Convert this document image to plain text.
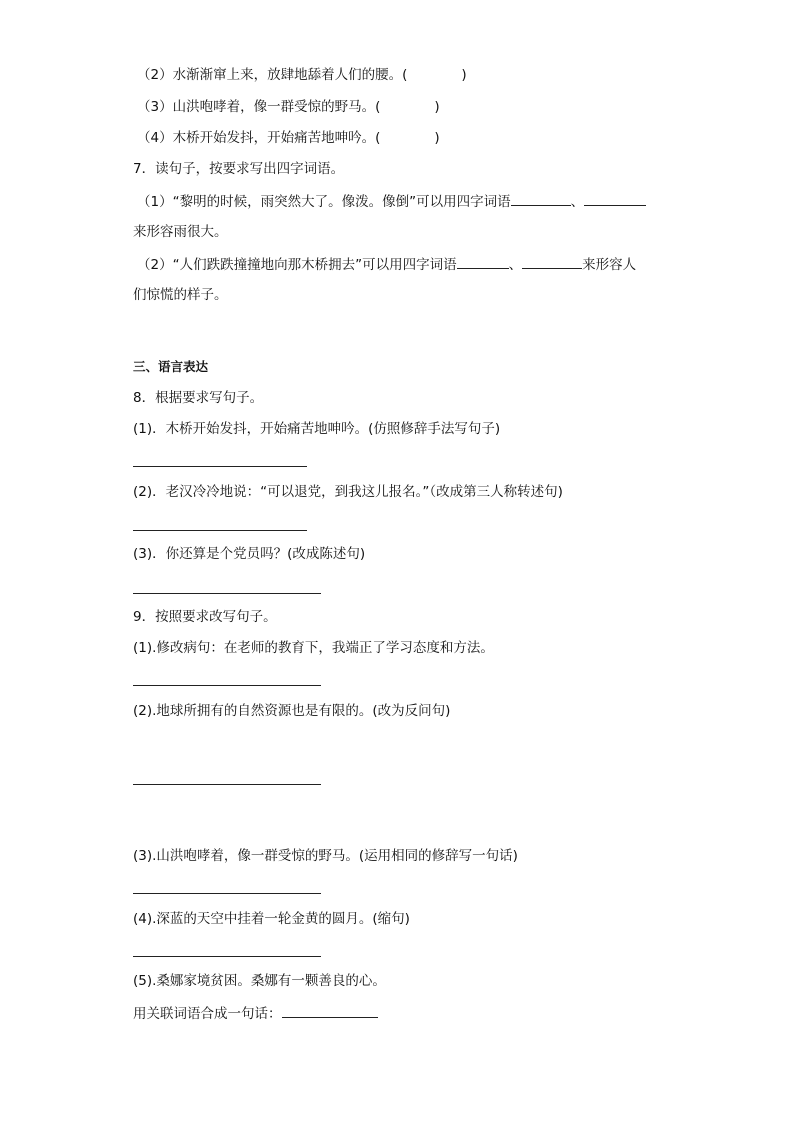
（2）水渐渐窜上来，放肆地舔着人们的腰。(	)
（3）山洪咆哮着，像一群受惊的野马。(	)
（4）木桥开始发抖，开始痛苦地呻吟。(	)
7．读句子，按要求写出四字词语。
（1）“黎明的时候，雨突然大了。像泼。像倒”可以用四字词语	、
来形容雨很大。
（2）“人们跌跌撞撞地向那木桥拥去”可以用四字词语	、	来形容人
们惊慌的样子。
三、语言表达
8．根据要求写句子。
(1)．木桥开始发抖，开始痛苦地呻吟。(仿照修辞手法写句子)
(2)．老汉冷冷地说：“可以退党，到我这儿报名。”（改成第三人称转述句)
(3)．你还算是个党员吗？(改成陈述句)
9．按照要求改写句子。
(1).修改病句：在老师的教育下，我端正了学习态度和方法。
(2).地球所拥有的自然资源也是有限的。(改为反问句)
(3).山洪咆哮着，像一群受惊的野马。(运用相同的修辞写一句话)
(4).深蓝的天空中挂着一轮金黄的圆月。(缩句)
(5).桑娜家境贫困。桑娜有一颗善良的心。
用关联词语合成一句话：
